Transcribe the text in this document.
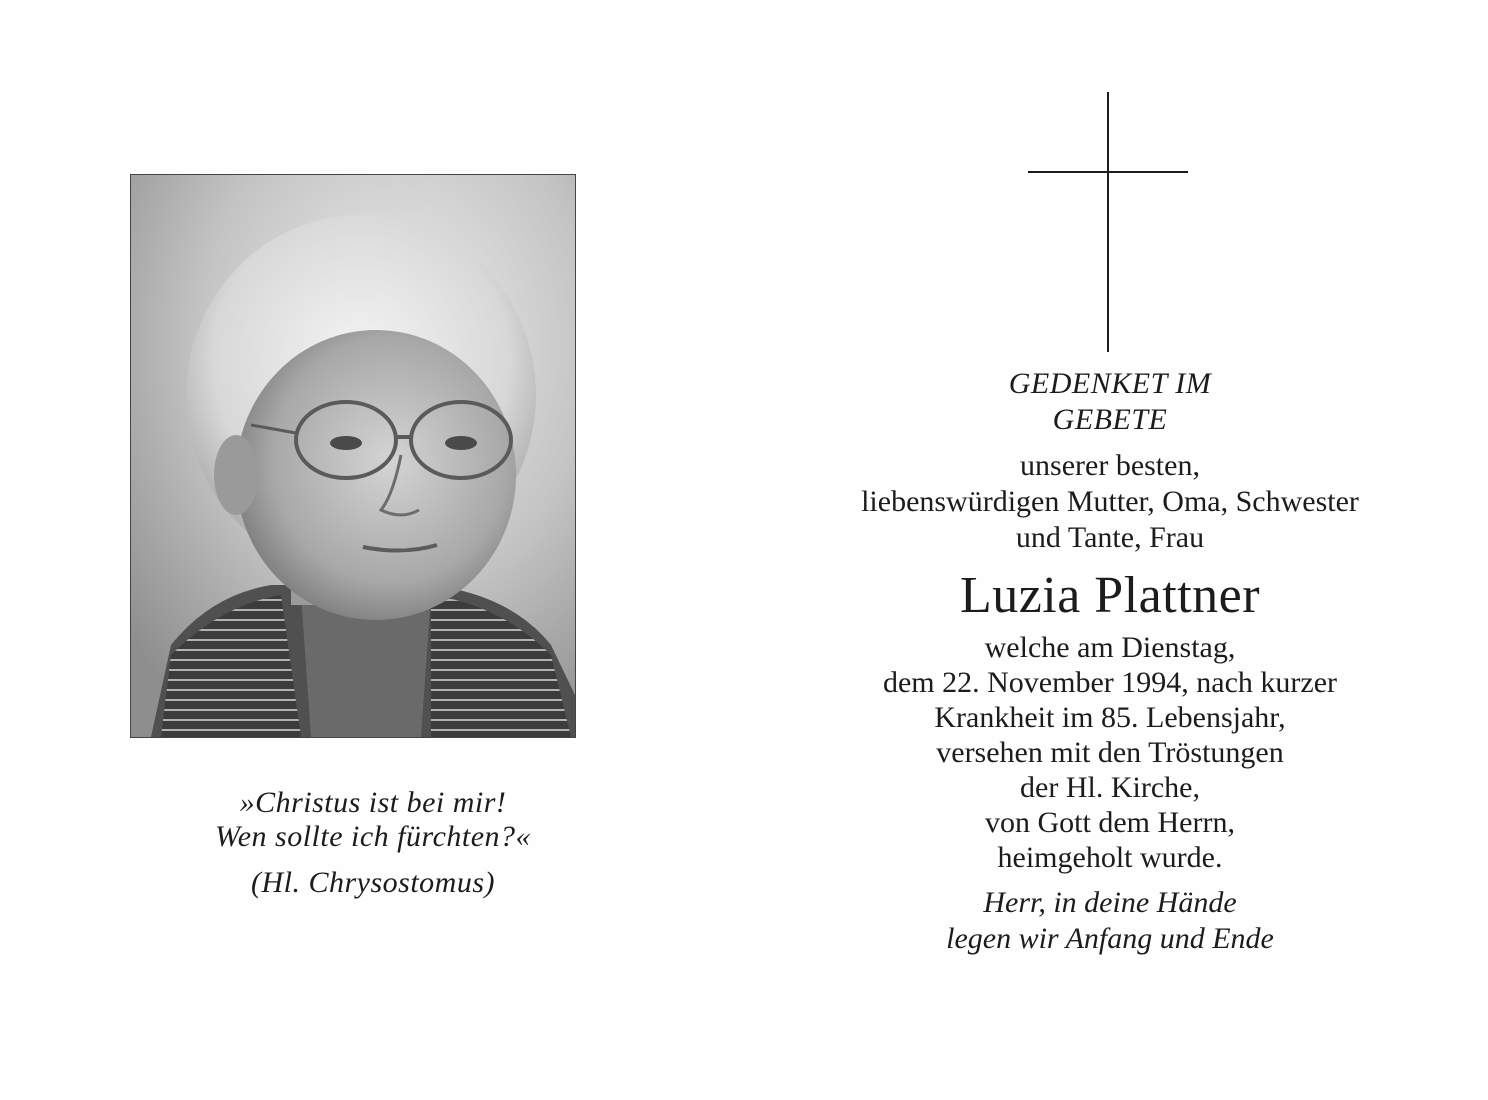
»Christus ist bei mir!
Wen sollte ich fürchten?«
(Hl. Chrysostomus)
GEDENKET IM
GEBETE
unserer besten,
liebenswürdigen Mutter, Oma, Schwester
und Tante, Frau
Luzia Plattner
welche am Dienstag,
dem 22. November 1994, nach kurzer
Krankheit im 85. Lebensjahr,
versehen mit den Tröstungen
der Hl. Kirche,
von Gott dem Herrn,
heimgeholt wurde.
Herr, in deine Hände
legen wir Anfang und Ende
